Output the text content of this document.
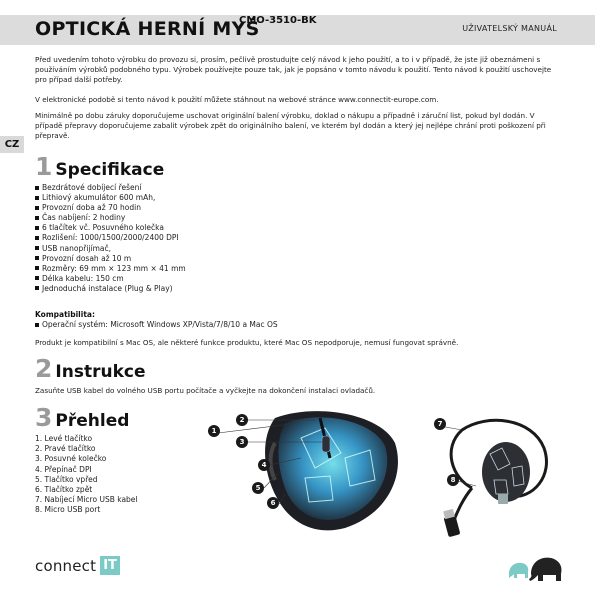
OPTICKÁ HERNÍ MYŠ
CMO-3510-BK
UŽIVATELSKÝ MANUÁL
CZ

Před uvedením tohoto výrobku do provozu si, prosím, pečlivě prostudujte celý návod k jeho použití, a to i v případě, že jste již obeznámeni s používáním výrobků podobného typu. Výrobek používejte pouze tak, jak je popsáno v tomto návodu k použití. Tento návod k použití uschovejte pro případ další potřeby.

V elektronické podobě si tento návod k použití můžete stáhnout na webové stránce www.connectit-europe.com.

Minimálně po dobu záruky doporučujeme uschovat originální balení výrobku, doklad o nákupu a případně i záruční list, pokud byl dodán. V případě přepravy doporučujeme zabalit výrobek zpět do originálního balení, ve kterém byl dodán a který jej nejlépe chrání proti poškození při přepravě.

1 Specifikace
Bezdrátové dobíjecí řešení
Lithiový akumulátor 600 mAh,
Provozní doba až 70 hodin
Čas nabíjení: 2 hodiny
6 tlačítek vč. Posuvného kolečka
Rozlišení: 1000/1500/2000/2400 DPI
USB nanopřijímač,
Provozní dosah až 10 m
Rozměry: 69 mm × 123 mm × 41 mm
Délka kabelu: 150 cm
Jednoduchá instalace (Plug & Play)
Kompatibilita:
Operační systém: Microsoft Windows XP/Vista/7/8/10 a Mac OS

Produkt je kompatibilní s Mac OS, ale některé funkce produktu, které Mac OS nepodporuje, nemusí fungovat správně.

2 Instrukce

Zasuňte USB kabel do volného USB portu počítače a vyčkejte na dokončení instalaci ovladačů.

3 Přehled
1. Levé tlačítko
2. Pravé tlačítko
3. Posuvné kolečko
4. Přepínač DPI
5. Tlačítko vpřed
6. Tlačítko zpět
7. Nabíjecí Micro USB kabel
8. Micro USB port
1
2
3
4
5
6
7
8
connect IT
